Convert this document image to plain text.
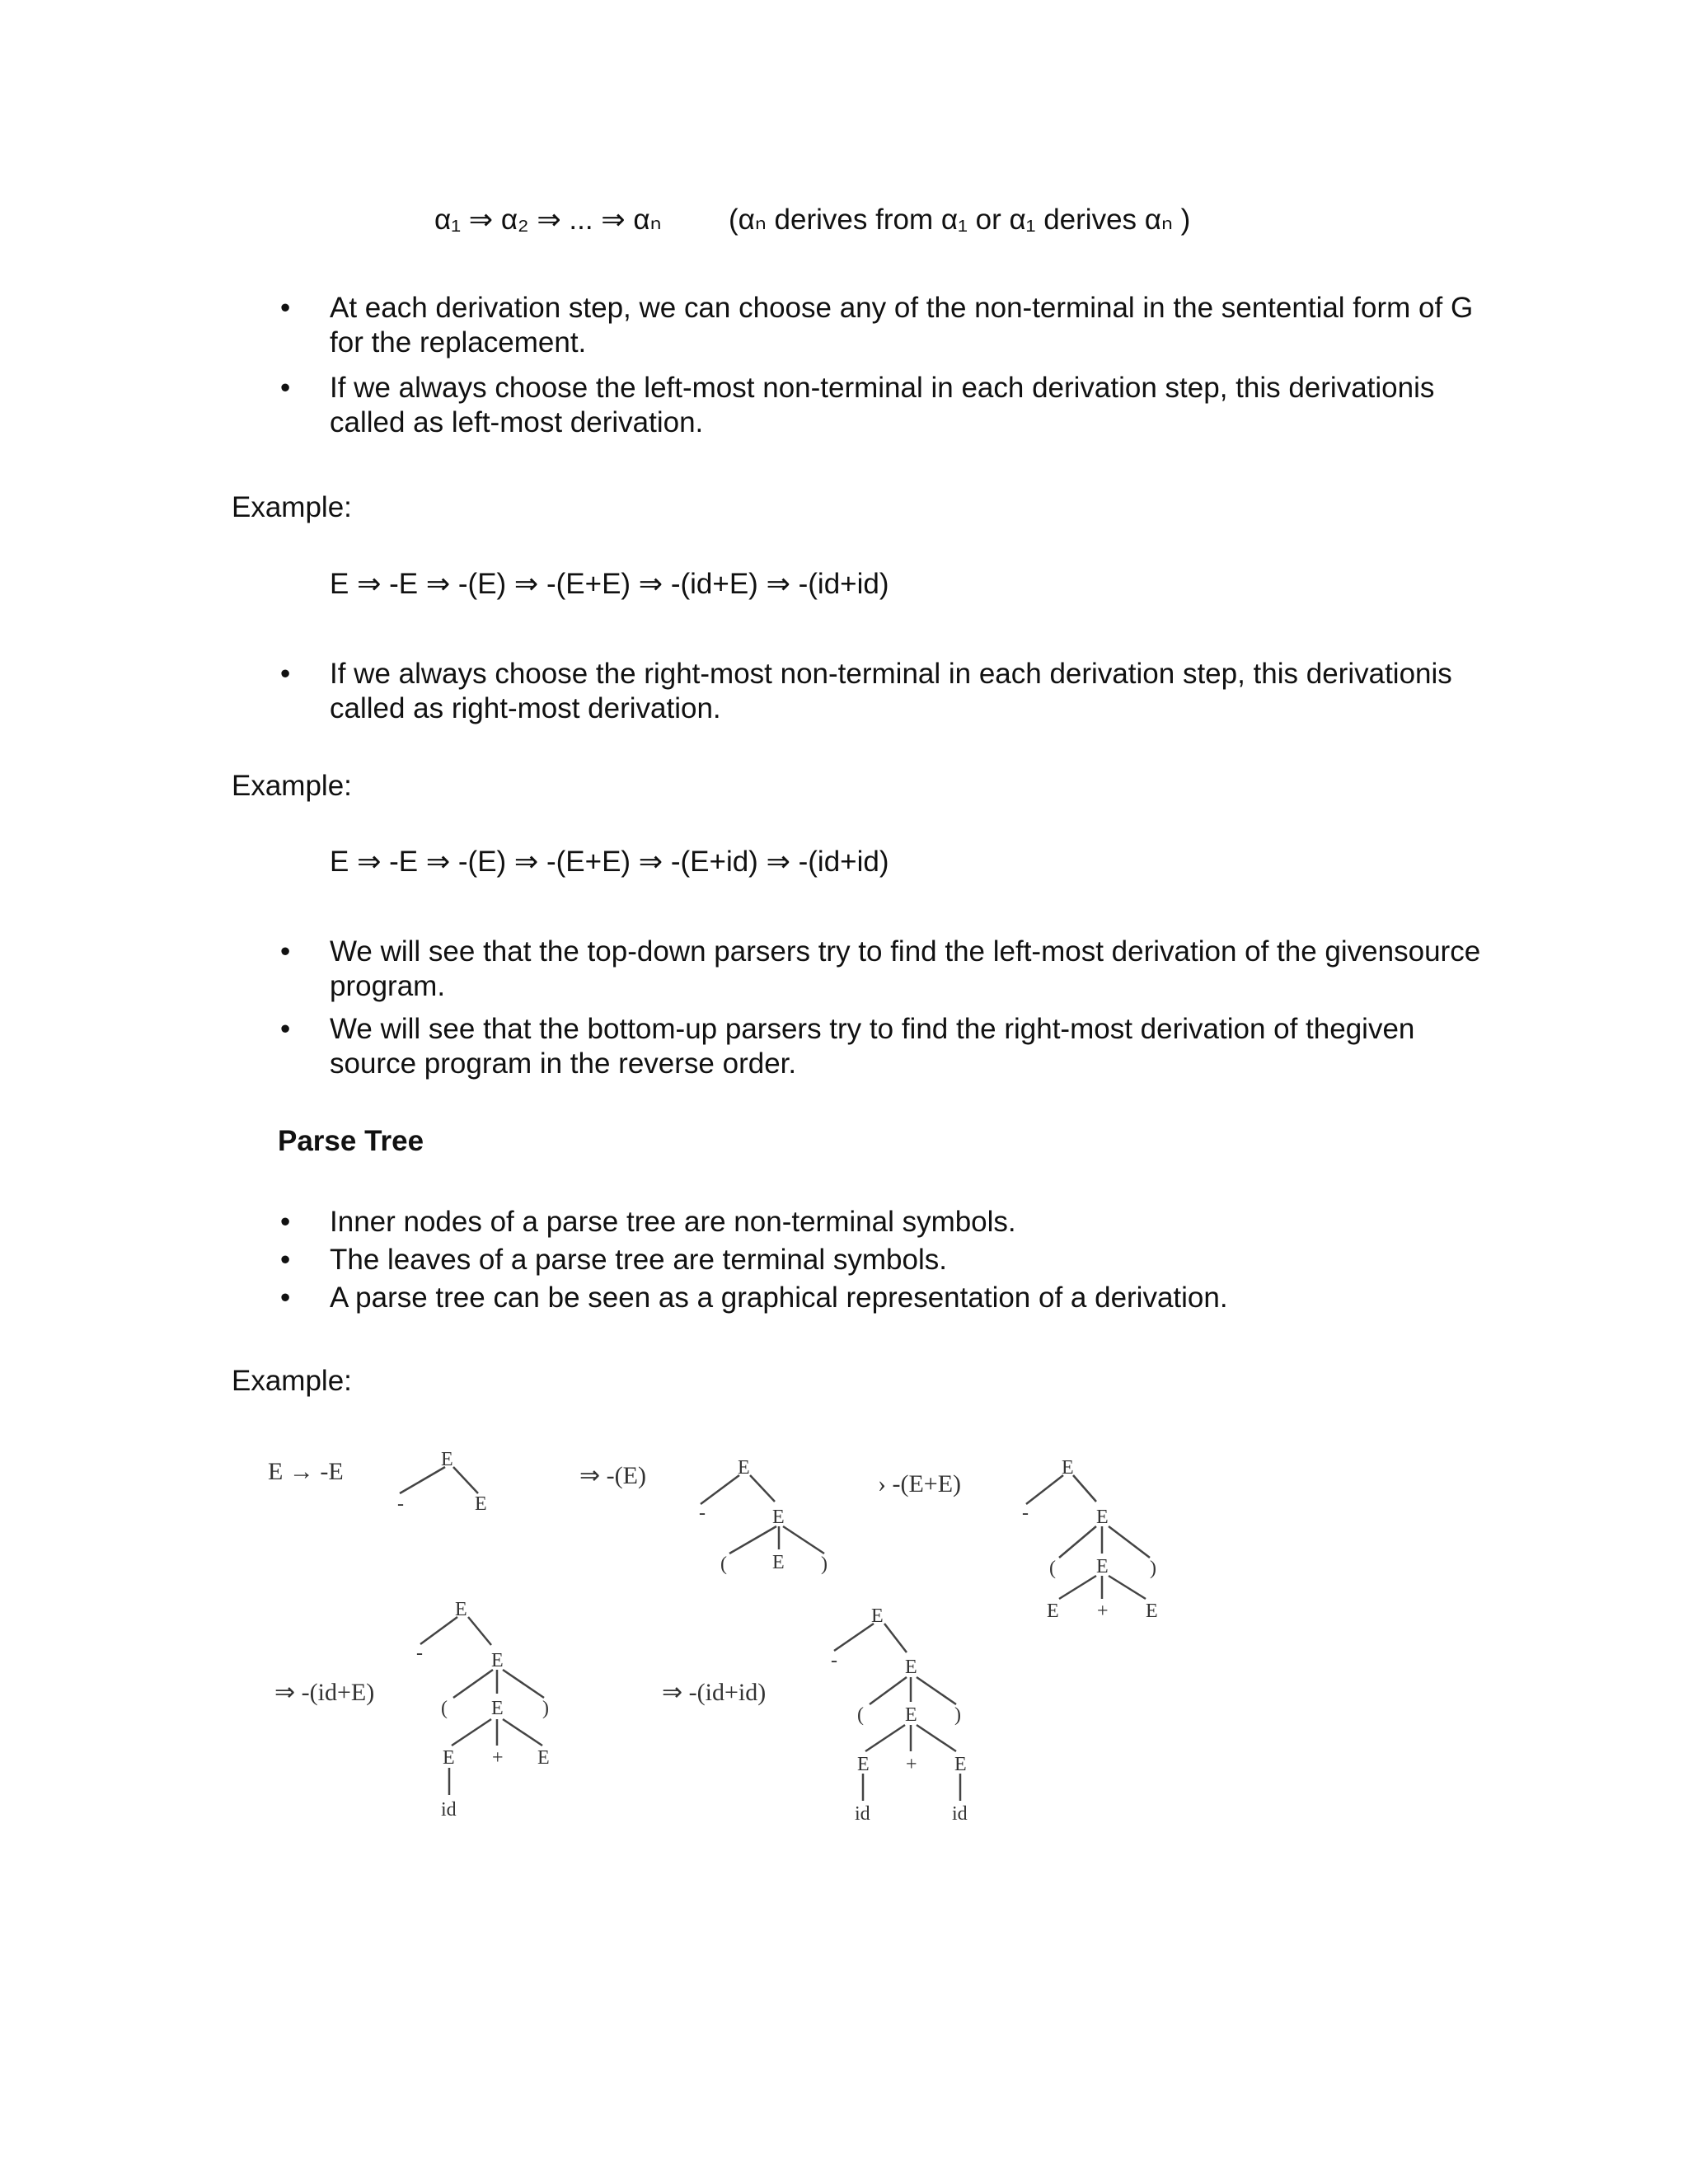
α₁ ⇒ α₂ ⇒ ... ⇒ αₙ (αₙ derives from α₁ or α₁ derives αₙ )
• At each derivation step, we can choose any of the non-terminal in the sentential form of G for the replacement.
• If we always choose the left-most non-terminal in each derivation step, this derivationis called as left-most derivation.
Example:
E ⇒ -E ⇒ -(E) ⇒ -(E+E) ⇒ -(id+E) ⇒ -(id+id)
• If we always choose the right-most non-terminal in each derivation step, this derivationis called as right-most derivation.
Example:
E ⇒ -E ⇒ -(E) ⇒ -(E+E) ⇒ -(E+id) ⇒ -(id+id)
• We will see that the top-down parsers try to find the left-most derivation of the givensource program.
• We will see that the bottom-up parsers try to find the right-most derivation of thegiven source program in the reverse order.
Parse Tree
• Inner nodes of a parse tree are non-terminal symbols.
• The leaves of a parse tree are terminal symbols.
• A parse tree can be seen as a graphical representation of a derivation.
Example:
E → -E	⇒ -(E)	› -(E+E)
⇒ -(id+E)	⇒ -(id+id)
E
-	E
E
-	E
( E )
E
-	E
( E )
E + E
E
-	E
( E )
E + E
id
E
-	E
( E )
E + E
id	id
